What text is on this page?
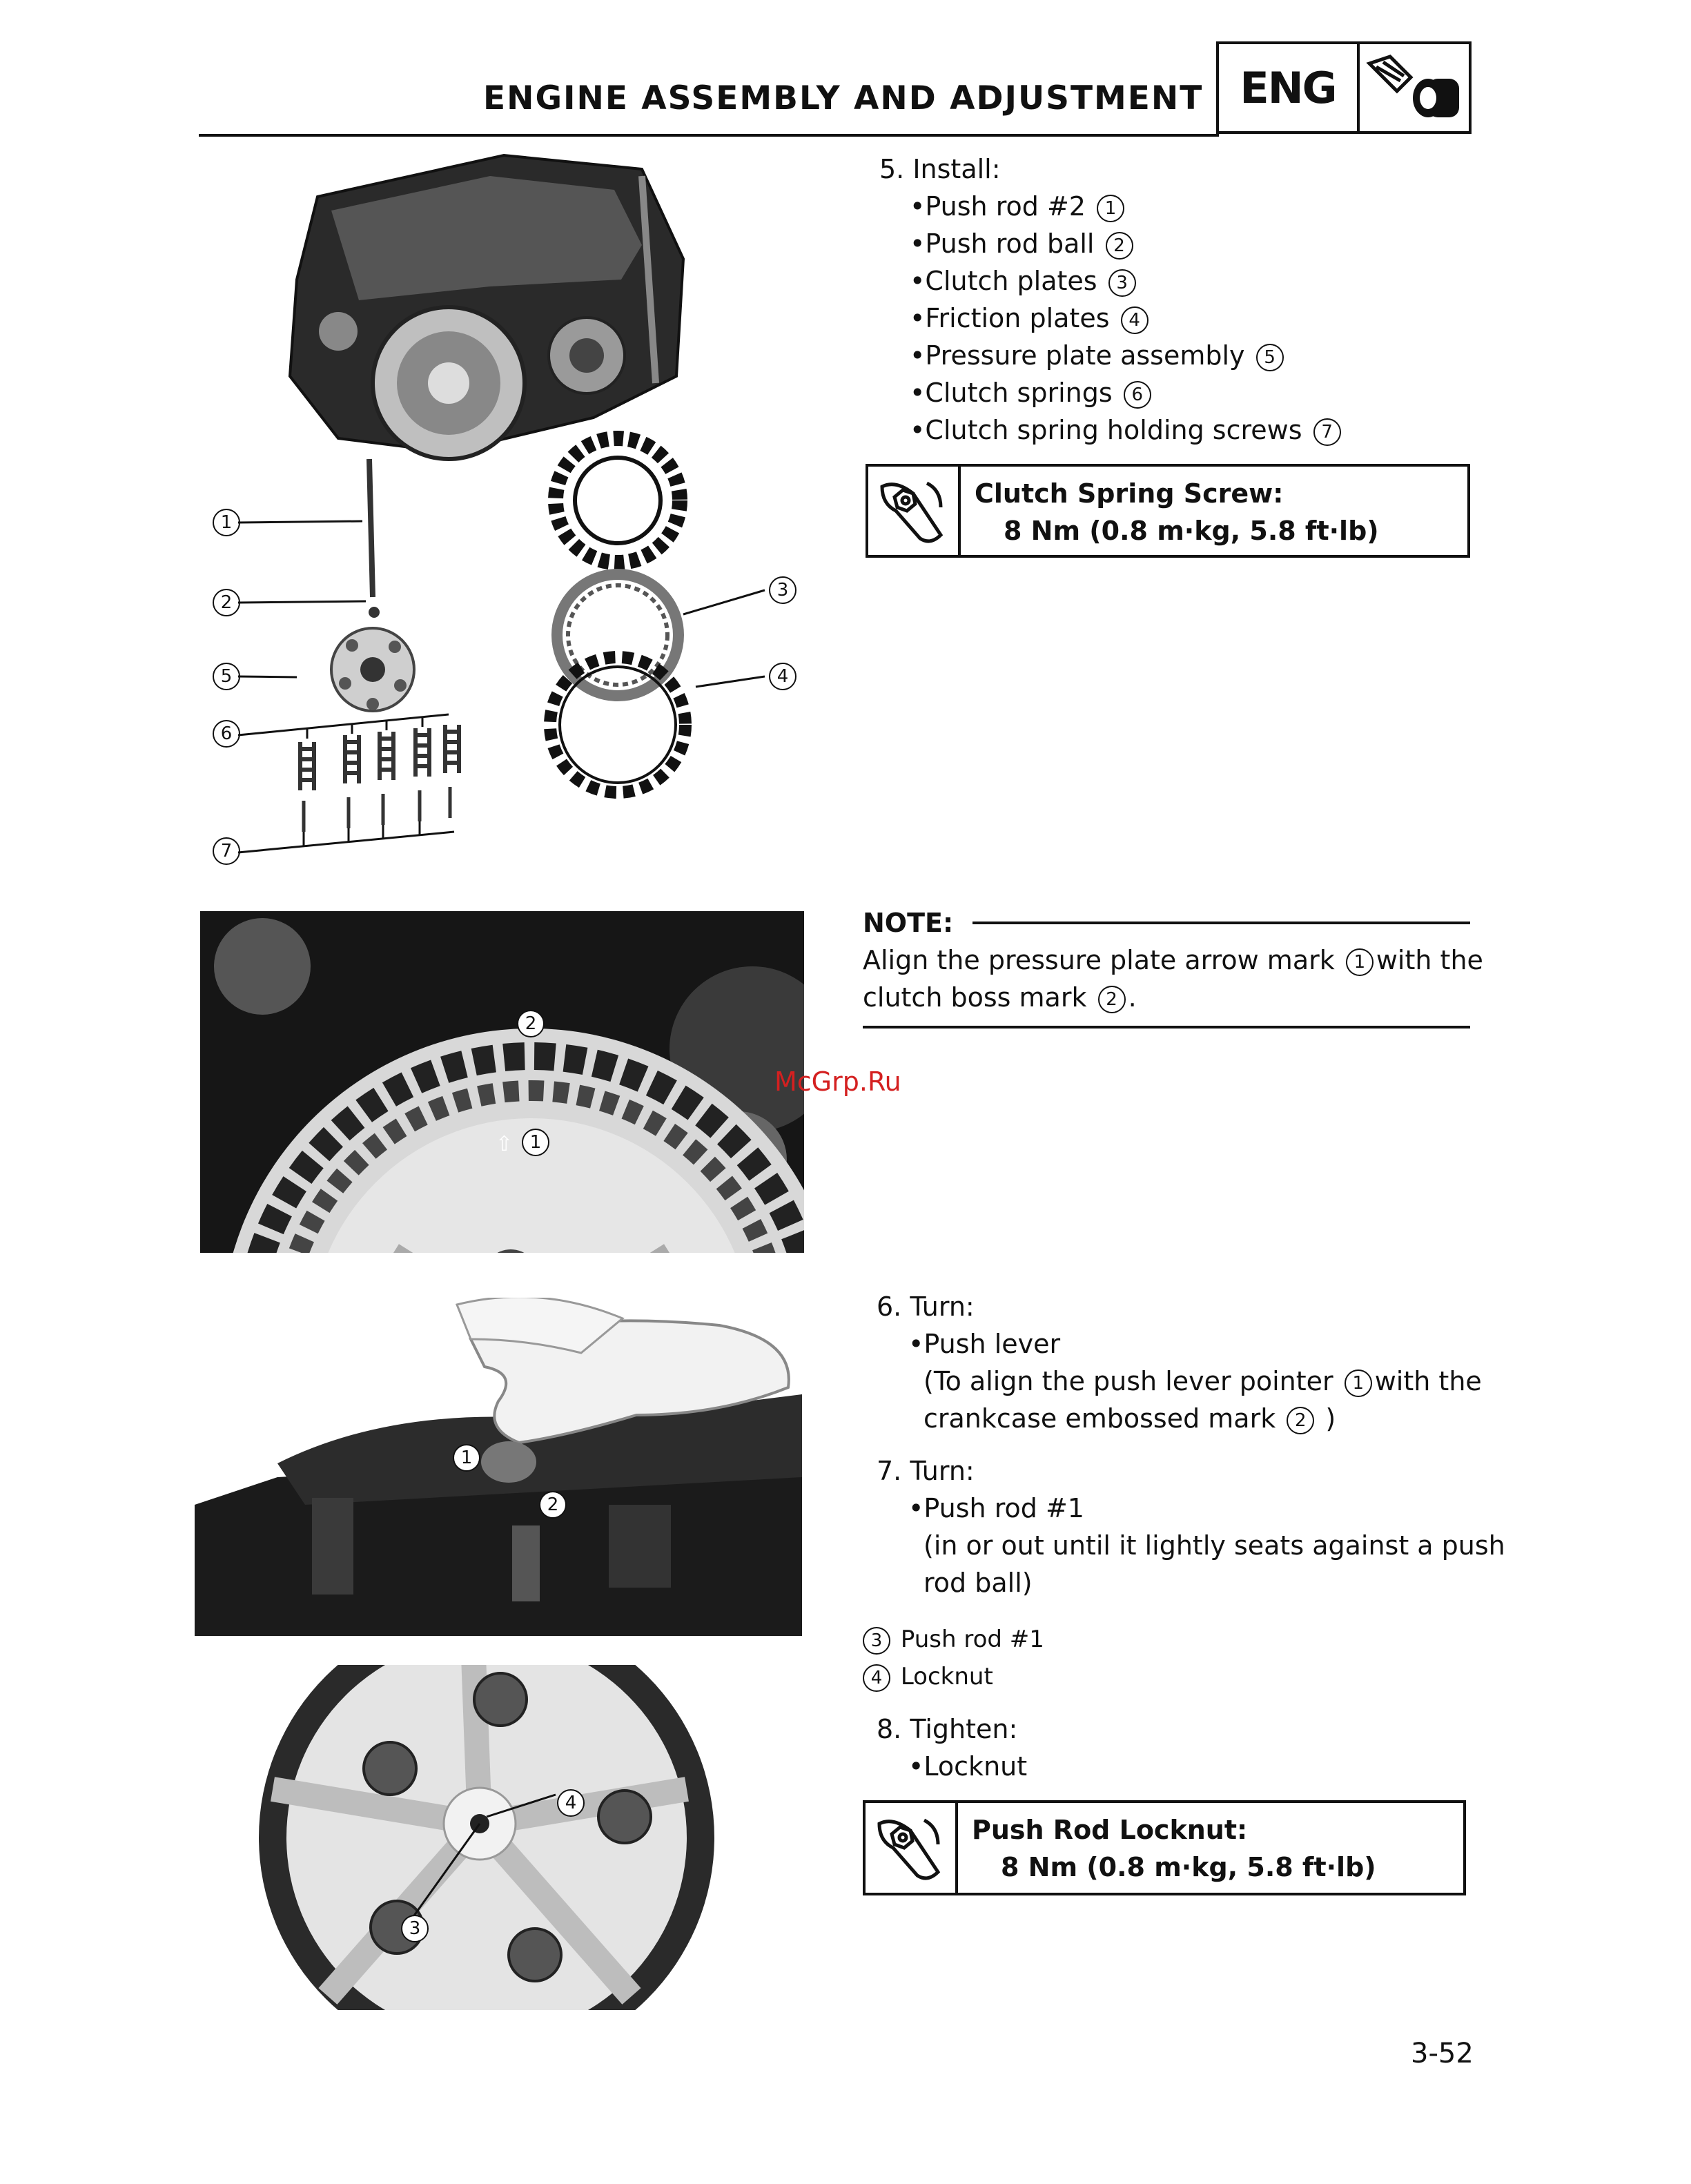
ENGINE ASSEMBLY AND ADJUSTMENT ENG
1
2
5
6
7
3
4
5. Install:
•Push rod #2 1
•Push rod ball 2
•Clutch plates 3
•Friction plates 4
•Pressure plate assembly 5
•Clutch springs 6
•Clutch spring holding screws 7
Clutch Spring Screw:
8 Nm (0.8 m·kg, 5.8 ft·lb)
2
⇧ 1
NOTE:
Align the pressure plate arrow mark 1 with the
clutch boss mark 2 .
McGrp.Ru
1
2
6. Turn:
•Push lever
(To align the push lever pointer 1 with the
crankcase embossed mark 2 )
7. Turn:
•Push rod #1
(in or out until it lightly seats against a push
rod ball)
3 Push rod #1
4 Locknut
4
3
8. Tighten:
•Locknut
Push Rod Locknut:
8 Nm (0.8 m·kg, 5.8 ft·lb)
3-52
